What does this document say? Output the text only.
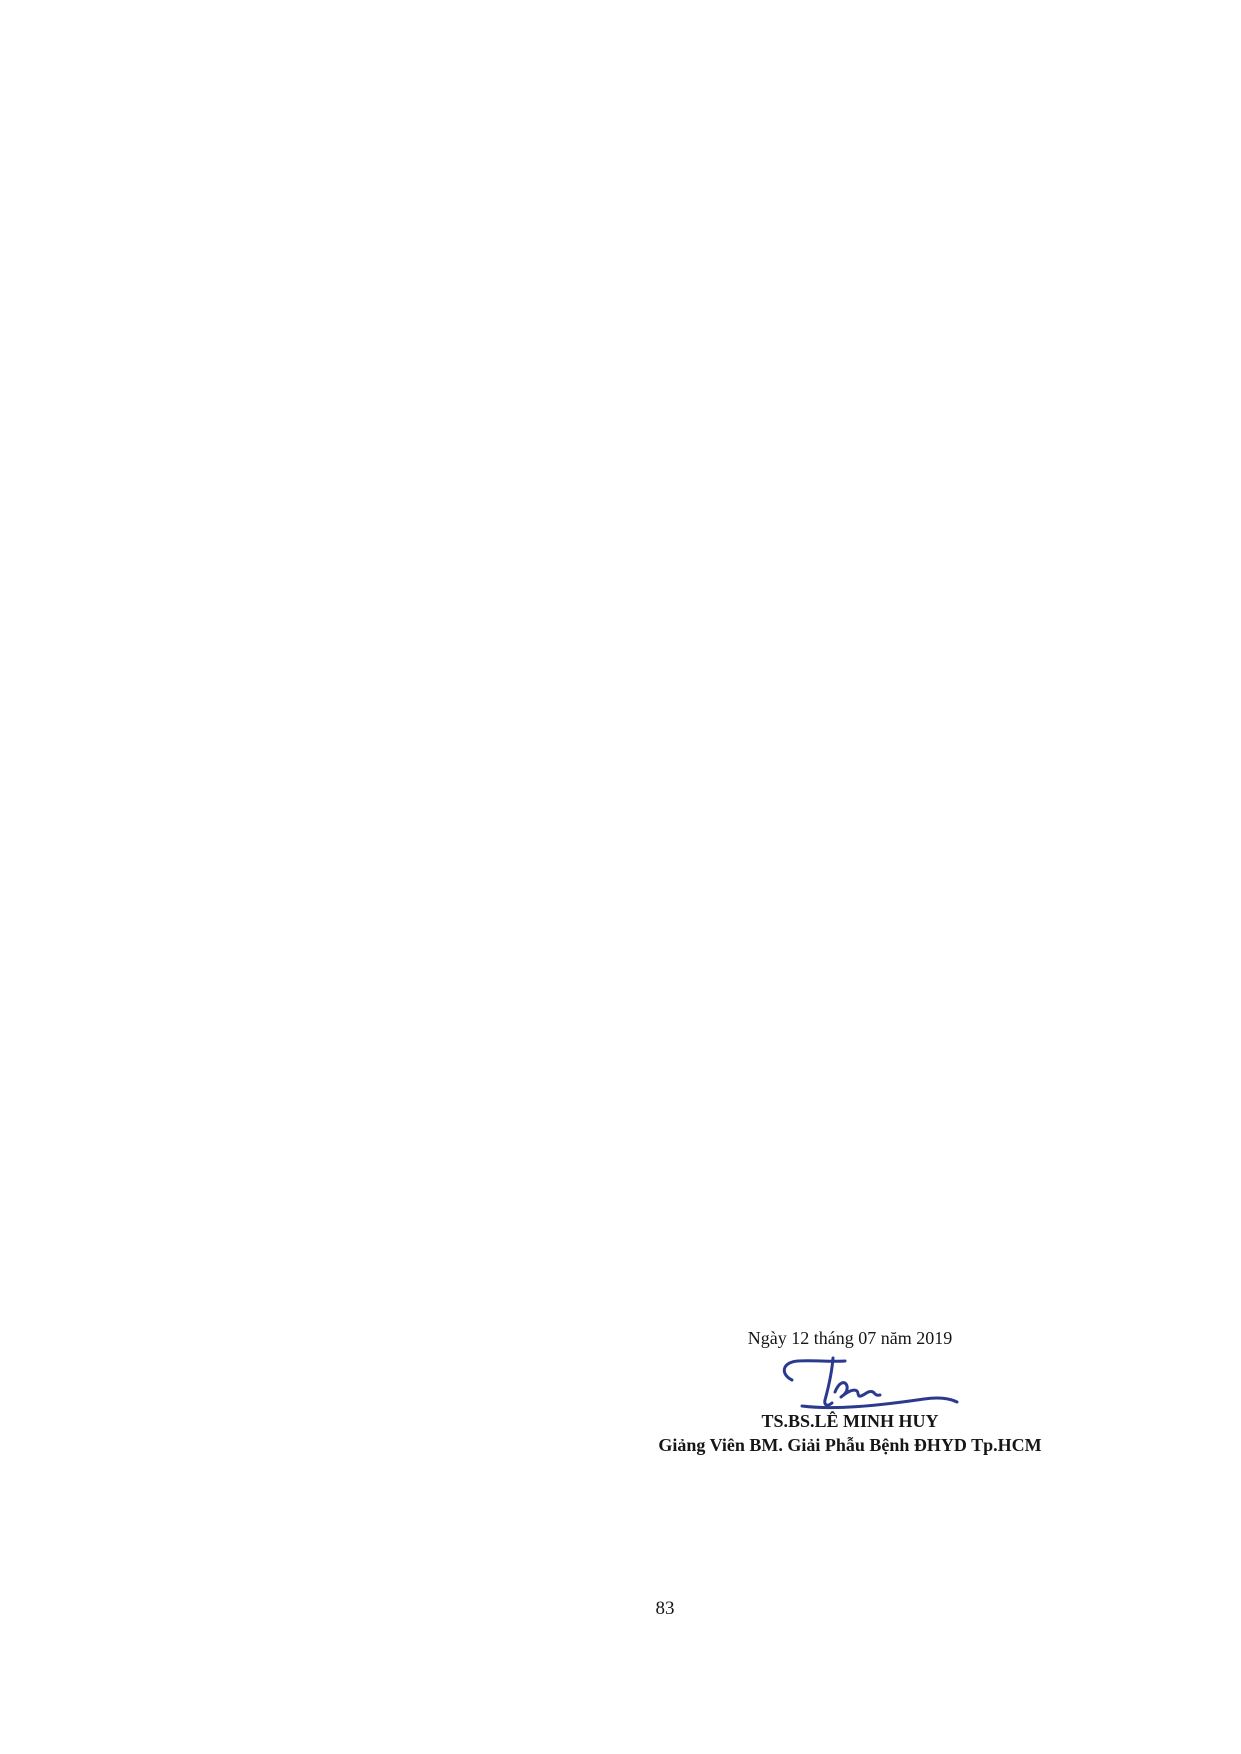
Ngày 12 tháng 07 năm 2019
TS.BS.LÊ MINH HUY
Giảng Viên BM. Giải Phẫu Bệnh ĐHYD Tp.HCM
83
